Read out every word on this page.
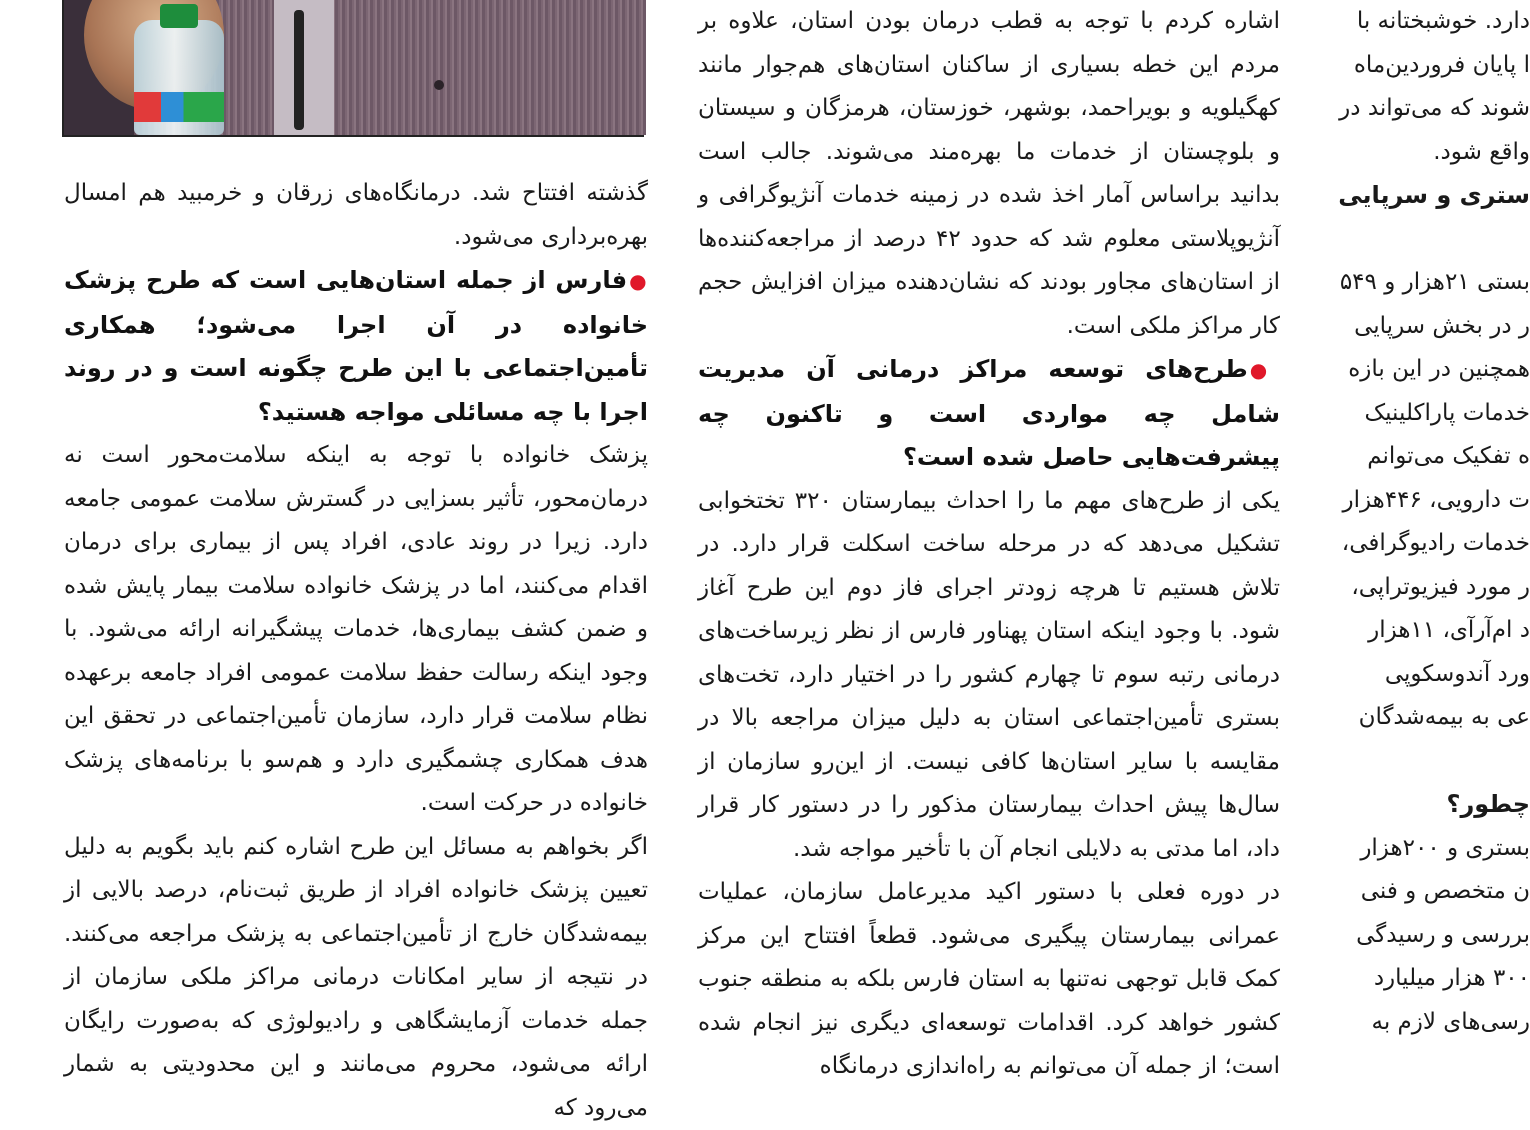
دارد. خوشبختانه با
ا پایان فروردین‌ماه
شوند که می‌تواند در
واقع شود.
ستری و سرپایی
بستی ۲۱هزار و ۵۴۹
ر در بخش سرپایی
همچنین در این بازه
خدمات پاراکلینیک
ه تفکیک می‌توانم
ت دارویی، ۴۴۶هزار
خدمات رادیوگرافی،
ر مورد فیزیوتراپی،
د ام‌آر‌آی، ۱۱هزار
ورد آندوسکوپی
عی به بیمه‌شدگان
چطور؟
بستری و ۲۰۰هزار
ن متخصص و فنی
بررسی و رسیدگی
۳۰۰ هزار میلیارد
رسی‌های لازم به

اشاره کردم با توجه به قطب درمان بودن استان، علاوه بر مردم این خطه بسیاری از ساکنان استان‌های هم‌جوار مانند کهگیلویه و بویراحمد، بوشهر، خوزستان، هرمزگان و سیستان و بلوچستان از خدمات ما بهره‌مند می‌شوند. جالب است بدانید براساس آمار اخذ شده در زمینه خدمات آنژیوگرافی و آنژیوپلاستی معلوم شد که حدود ۴۲ درصد از مراجعه‌کننده‌ها از استان‌های مجاور بودند که نشان‌دهنده میزان افزایش حجم کار مراکز ملکی است.

●طرح‌های توسعه مراکز درمانی آن مدیریت شامل چه مواردی است و تاکنون چه پیشرفت‌هایی حاصل شده است؟

یکی از طرح‌های مهم ما را احداث بیمارستان ۳۲۰ تختخوابی تشکیل می‌دهد که در مرحله ساخت اسکلت قرار دارد. در تلاش هستیم تا هرچه زودتر اجرای فاز دوم این طرح آغاز شود. با وجود اینکه استان پهناور فارس از نظر زیرساخت‌های درمانی رتبه سوم تا چهارم کشور را در اختیار دارد، تخت‌های بستری تأمین‌اجتماعی استان به دلیل میزان مراجعه بالا در مقایسه با سایر استان‌ها کافی نیست. از این‌رو سازمان از سال‌ها پیش احداث بیمارستان مذکور را در دستور کار قرار داد، اما مدتی به دلایلی انجام آن با تأخیر مواجه شد.

در دوره فعلی با دستور اکید مدیرعامل سازمان، عملیات عمرانی بیمارستان پیگیری می‌شود. قطعاً افتتاح این مرکز کمک قابل توجهی نه‌تنها به استان فارس بلکه به منطقه جنوب کشور خواهد کرد. اقدامات توسعه‌ای دیگری نیز انجام شده است؛ از جمله آن می‌توانم به راه‌اندازی درمانگاه

گذشته افتتاح شد. درمانگاه‌های زرقان و خرمبید هم امسال بهره‌برداری می‌شود.

●فارس از جمله استان‌هایی است که طرح پزشک خانواده در آن اجرا می‌شود؛ همکاری تأمین‌اجتماعی با این طرح چگونه است و در روند اجرا با چه مسائلی مواجه هستید؟

پزشک خانواده با توجه به اینکه سلامت‌محور است نه درمان‌محور، تأثیر بسزایی در گسترش سلامت عمومی جامعه دارد. زیرا در روند عادی، افراد پس از بیماری برای درمان اقدام می‌کنند، اما در پزشک خانواده سلامت بیمار پایش شده و ضمن کشف بیماری‌ها، خدمات پیشگیرانه ارائه می‌شود. با وجود اینکه رسالت حفظ سلامت عمومی افراد جامعه برعهده نظام سلامت قرار دارد، سازمان تأمین‌اجتماعی در تحقق این هدف همکاری چشمگیری دارد و هم‌سو با برنامه‌های پزشک خانواده در حرکت است.

اگر بخواهم به مسائل این طرح اشاره کنم باید بگویم به دلیل تعیین پزشک خانواده افراد از طریق ثبت‌نام، درصد بالایی از بیمه‌شدگان خارج از تأمین‌اجتماعی به پزشک مراجعه می‌کنند. در نتیجه از سایر امکانات درمانی مراکز ملکی سازمان از جمله خدمات آزمایشگاهی و رادیولوژی که به‌صورت رایگان ارائه می‌شود، محروم می‌مانند و این محدودیتی به شمار می‌رود که
